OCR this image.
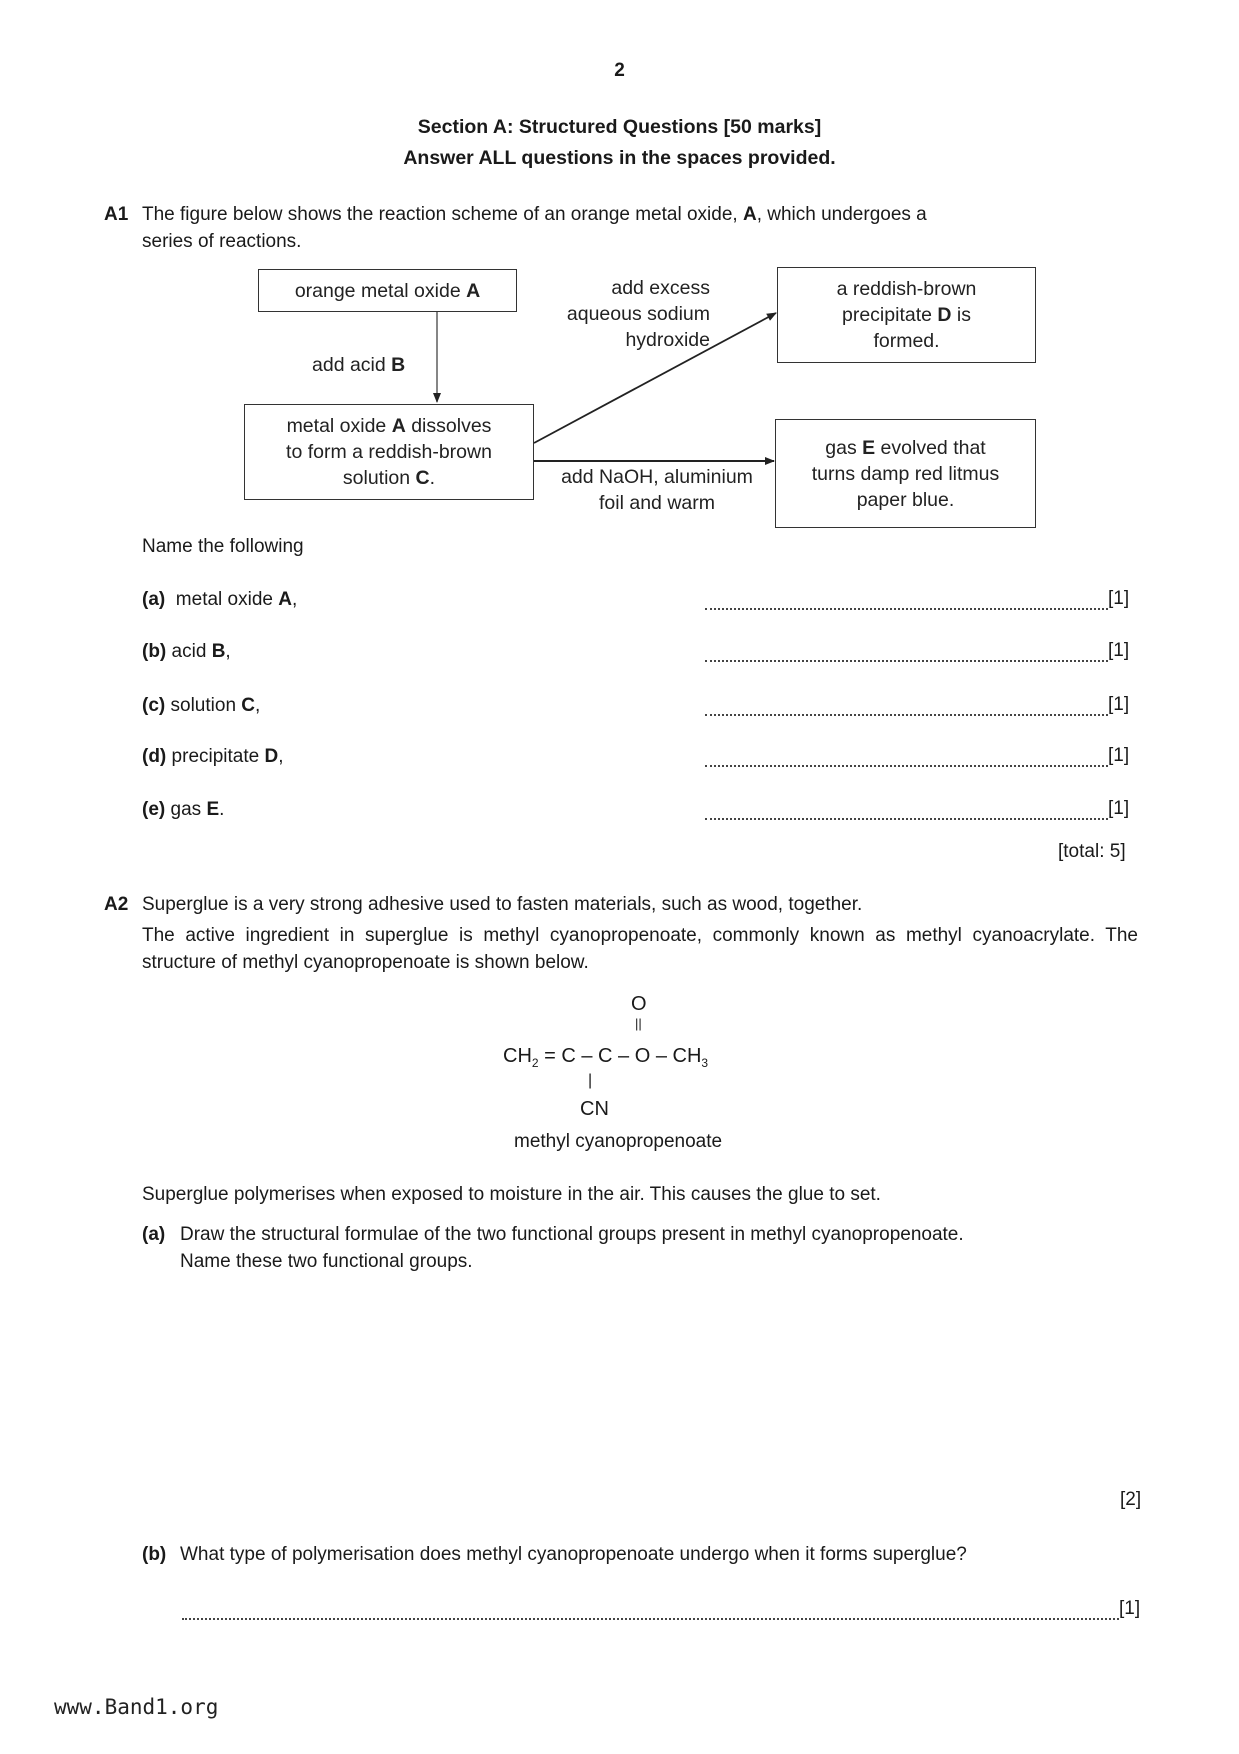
2
Section A: Structured Questions [50 marks]
Answer ALL questions in the spaces provided.
A1 The figure below shows the reaction scheme of an orange metal oxide, A, which undergoes a
series of reactions.
orange metal oxide A
add acid B
metal oxide A dissolves
to form a reddish-brown
solution C.
add excess
aqueous sodium
hydroxide
a reddish-brown
precipitate D is
formed.
add NaOH, aluminium
foil and warm
gas E evolved that
turns damp red litmus
paper blue.
Name the following
(a) metal oxide A,	[1]
(b) acid B,	[1]
(c) solution C,	[1]
(d) precipitate D,	[1]
(e) gas E.	[1]
[total: 5]
A2 Superglue is a very strong adhesive used to fasten materials, such as wood, together.
The active ingredient in superglue is methyl cyanopropenoate, commonly known as methyl cyanoacrylate. The structure of methyl cyanopropenoate is shown below.
O
||
$CH_2 = C - C - O - CH_3$
|
CN
methyl cyanopropenoate
Superglue polymerises when exposed to moisture in the air. This causes the glue to set.
(a) Draw the structural formulae of the two functional groups present in methyl cyanopropenoate.
Name these two functional groups.
[2]
(b) What type of polymerisation does methyl cyanopropenoate undergo when it forms superglue?
[1]
www.Band1.org
